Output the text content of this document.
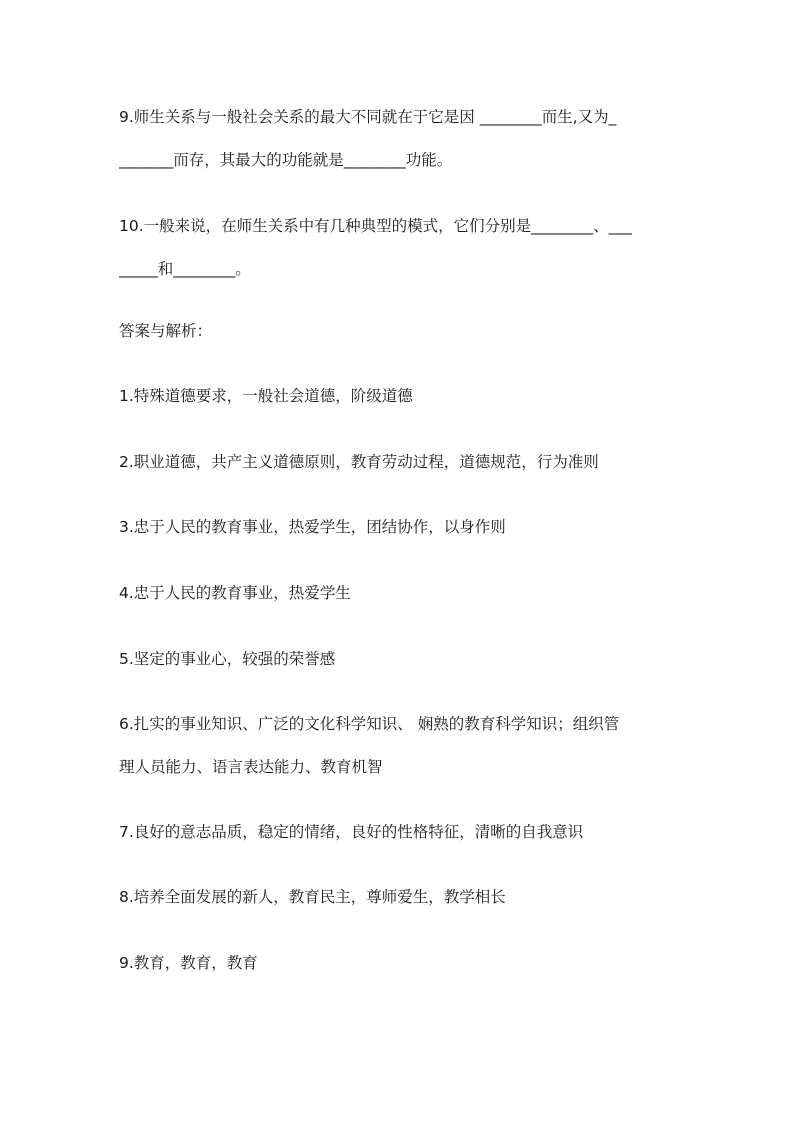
9.师生关系与一般社会关系的最大不同就在于它是因 ________而生,又为_
_______而存，其最大的功能就是________功能。
10.一般来说，在师生关系中有几种典型的模式，它们分别是________、___
_____和________。
答案与解析：
1.特殊道德要求，一般社会道德，阶级道德
2.职业道德，共产主义道德原则，教育劳动过程，道德规范，行为准则
3.忠于人民的教育事业，热爱学生，团结协作，以身作则
4.忠于人民的教育事业，热爱学生
5.坚定的事业心，较强的荣誉感
6.扎实的事业知识、广泛的文化科学知识、 娴熟的教育科学知识；组织管
理人员能力、语言表达能力、教育机智
7.良好的意志品质，稳定的情绪，良好的性格特征，清晰的自我意识
8.培养全面发展的新人，教育民主，尊师爱生，教学相长
9.教育，教育，教育
